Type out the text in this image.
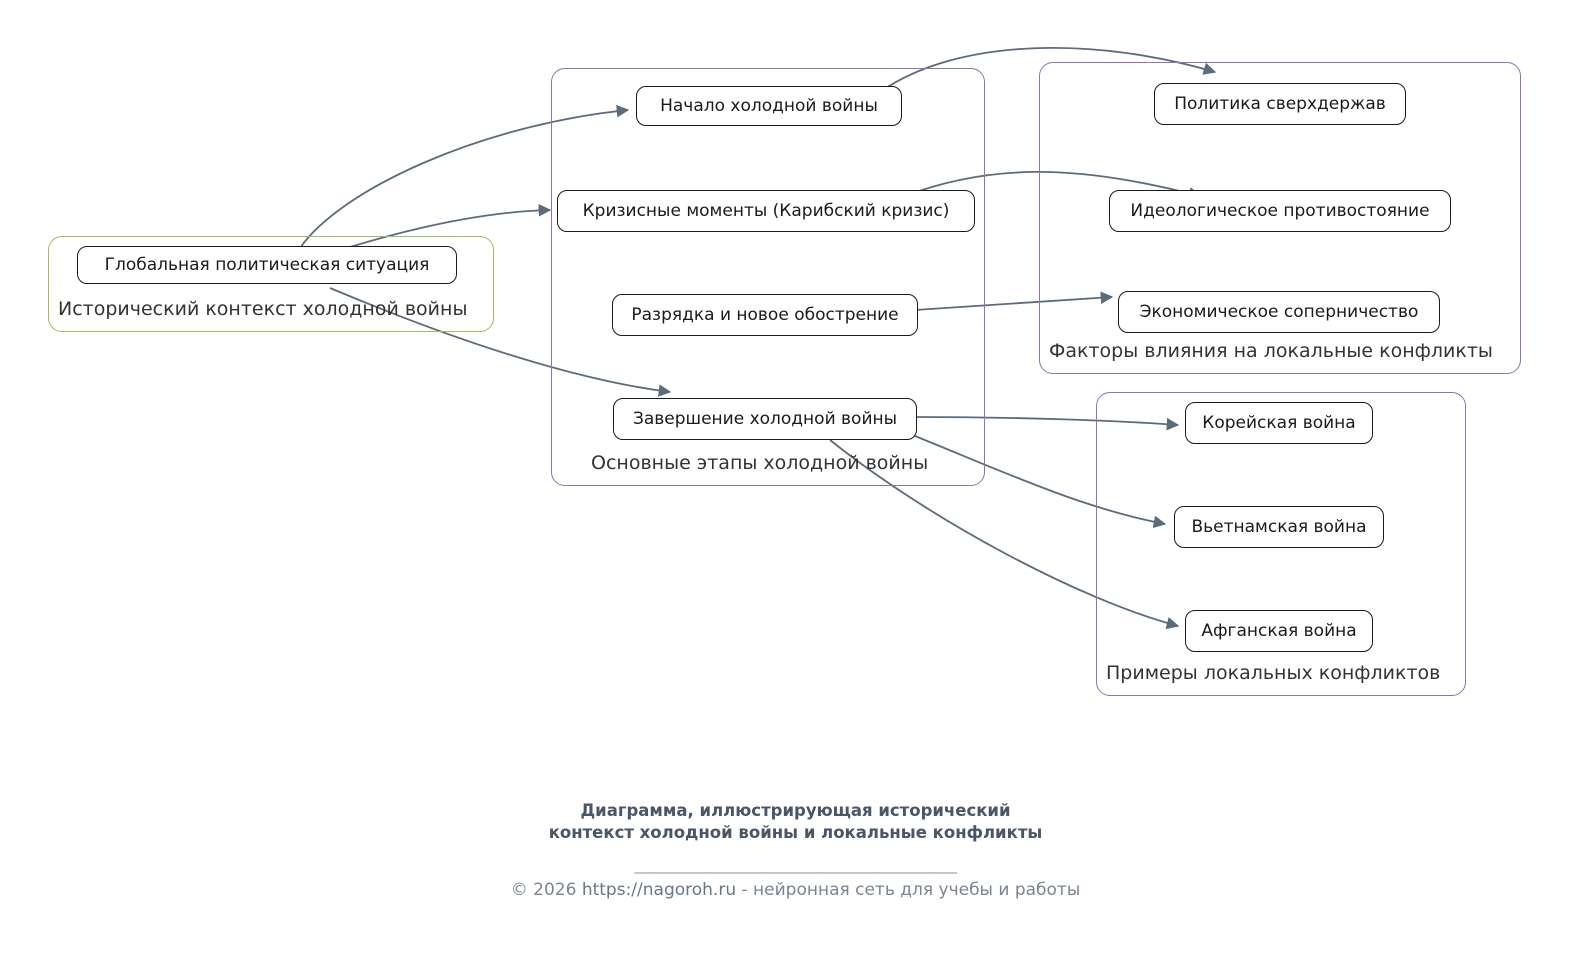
Исторический контекст холодной войны
Основные этапы холодной войны
Факторы влияния на локальные конфликты
Примеры локальных конфликтов
Глобальная политическая ситуация
Начало холодной войны
Кризисные моменты (Карибский кризис)
Разрядка и новое обострение
Завершение холодной войны
Политика сверхдержав
Идеологическое противостояние
Экономическое соперничество
Корейская война
Вьетнамская война
Афганская война
Диаграмма, иллюстрирующая исторический
контекст холодной войны и локальные конфликты
______________________________________________
© 2026 https://nagoroh.ru - нейронная сеть для учебы и работы
